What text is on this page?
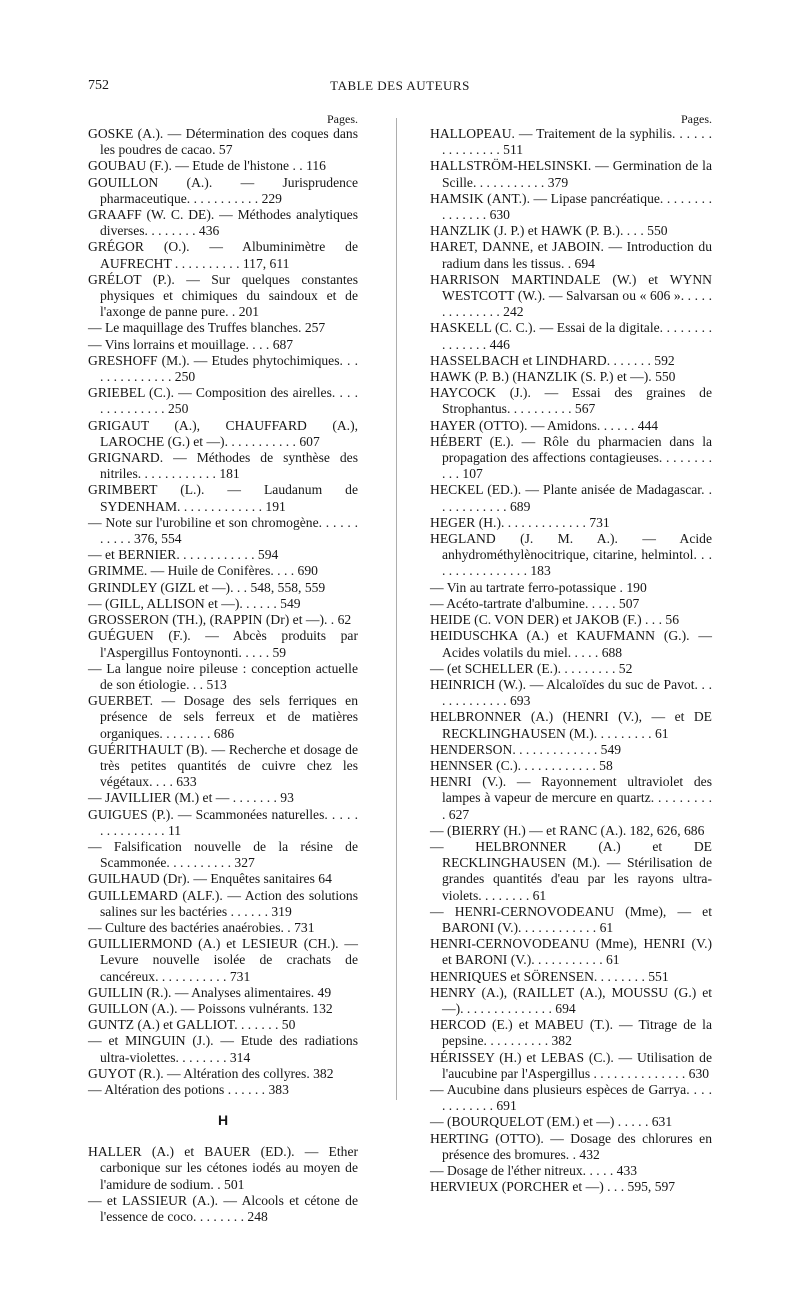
752	TABLE DES AUTEURS
Pages.

GOSKE (A.). — Détermination des coques dans les poudres de cacao. 57

GOUBAU (F.). — Etude de l'histone . . 116

GOUILLON (A.). — Jurisprudence pharmaceutique. . . . . . . . . . . 229

GRAAFF (W. C. DE). — Méthodes analytiques diverses. . . . . . . . 436

GRÉGOR (O.). — Albuminimètre de AUFRECHT . . . . . . . . . . 117, 611

GRÉLOT (P.). — Sur quelques constantes physiques et chimiques du saindoux et de l'axonge de panne pure. . 201

— Le maquillage des Truffes blanches. 257

— Vins lorrains et mouillage. . . . 687

GRESHOFF (M.). — Etudes phytochimiques. . . . . . . . . . . . . . 250

GRIEBEL (C.). — Composition des airelles. . . . . . . . . . . . . . 250

GRIGAUT (A.), CHAUFFARD (A.), LAROCHE (G.) et —). . . . . . . . . . . 607

GRIGNARD. — Méthodes de synthèse des nitriles. . . . . . . . . . . . 181

GRIMBERT (L.). — Laudanum de SYDENHAM. . . . . . . . . . . . . 191

— Note sur l'urobiline et son chromogène. . . . . . . . . . . 376, 554

— et BERNIER. . . . . . . . . . . . 594

GRIMME. — Huile de Conifères. . . . 690

GRINDLEY (GIZL et —). . . 548, 558, 559

— (GILL, ALLISON et —). . . . . . 549

GROSSERON (TH.), (RAPPIN (Dr) et —). . 62

GUÉGUEN (F.). — Abcès produits par l'Aspergillus Fontoynonti. . . . . 59

— La langue noire pileuse : conception actuelle de son étiologie. . . 513

GUERBET. — Dosage des sels ferriques en présence de sels ferreux et de matières organiques. . . . . . . . 686

GUÉRITHAULT (B). — Recherche et dosage de très petites quantités de cuivre chez les végétaux. . . . 633

— JAVILLIER (M.) et — . . . . . . . 93

GUIGUES (P.). — Scammonées naturelles. . . . . . . . . . . . . . . 11

— Falsification nouvelle de la résine de Scammonée. . . . . . . . . . 327

GUILHAUD (Dr). — Enquêtes sanitaires 64

GUILLEMARD (ALF.). — Action des solutions salines sur les bactéries . . . . . . 319

— Culture des bactéries anaérobies. . 731

GUILLIERMOND (A.) et LESIEUR (CH.). — Levure nouvelle isolée de crachats de cancéreux. . . . . . . . . . . 731

GUILLIN (R.). — Analyses alimentaires. 49

GUILLON (A.). — Poissons vulnérants. 132

GUNTZ (A.) et GALLIOT. . . . . . . 50

— et MINGUIN (J.). — Etude des radiations ultra-violettes. . . . . . . . 314

GUYOT (R.). — Altération des collyres. 382

— Altération des potions . . . . . . 383

H

HALLER (A.) et BAUER (ED.). — Ether carbonique sur les cétones iodés au moyen de l'amidure de sodium. . 501

— et LASSIEUR (A.). — Alcools et cétone de l'essence de coco. . . . . . . . 248

Pages.

HALLOPEAU. — Traitement de la syphilis. . . . . . . . . . . . . . . 511

HALLSTRÖM-HELSINSKI. — Germination de la Scille. . . . . . . . . . . 379

HAMSIK (ANT.). — Lipase pancréatique. . . . . . . . . . . . . . . 630

HANZLIK (J. P.) et HAWK (P. B.). . . . 550

HARET, DANNE, et JABOIN. — Introduction du radium dans les tissus. . 694

HARRISON MARTINDALE (W.) et WYNN WESTCOTT (W.). — Salvarsan ou « 606 ». . . . . . . . . . . . . . 242

HASKELL (C. C.). — Essai de la digitale. . . . . . . . . . . . . . . 446

HASSELBACH et LINDHARD. . . . . . . 592

HAWK (P. B.) (HANZLIK (S. P.) et —). 550

HAYCOCK (J.). — Essai des graines de Strophantus. . . . . . . . . . 567

HAYER (OTTO). — Amidons. . . . . . 444

HÉBERT (E.). — Rôle du pharmacien dans la propagation des affections contagieuses. . . . . . . . . . . 107

HECKEL (ED.). — Plante anisée de Madagascar. . . . . . . . . . . . 689

HEGER (H.). . . . . . . . . . . . . 731

HEGLAND (J. M. A.). — Acide anhydrométhylènocitrique, citarine, helmintol. . . . . . . . . . . . . . . . 183

— Vin au tartrate ferro-potassique . 190

— Acéto-tartrate d'albumine. . . . . 507

HEIDE (C. VON DER) et JAKOB (F.) . . . 56

HEIDUSCHKA (A.) et KAUFMANN (G.). — Acides volatils du miel. . . . . 688

— (et SCHELLER (E.). . . . . . . . . 52

HEINRICH (W.). — Alcaloïdes du suc de Pavot. . . . . . . . . . . . . 693

HELBRONNER (A.) (HENRI (V.), — et DE RECKLINGHAUSEN (M.). . . . . . . . . 61

HENDERSON. . . . . . . . . . . . . 549

HENNSER (C.). . . . . . . . . . . . 58

HENRI (V.). — Rayonnement ultraviolet des lampes à vapeur de mercure en quartz. . . . . . . . . . 627

— (BIERRY (H.) — et RANC (A.). 182, 626, 686

— HELBRONNER (A.) et DE RECKLINGHAUSEN (M.). — Stérilisation de grandes quantités d'eau par les rayons ultra-violets. . . . . . . . 61

— HENRI-CERNOVODEANU (Mme), — et BARONI (V.). . . . . . . . . . . . 61

HENRI-CERNOVODEANU (Mme), HENRI (V.) et BARONI (V.). . . . . . . . . . . 61

HENRIQUES et SÖRENSEN. . . . . . . . 551

HENRY (A.), (RAILLET (A.), MOUSSU (G.) et —). . . . . . . . . . . . . . 694

HERCOD (E.) et MABEU (T.). — Titrage de la pepsine. . . . . . . . . . 382

HÉRISSEY (H.) et LEBAS (C.). — Utilisation de l'aucubine par l'Aspergillus . . . . . . . . . . . . . . 630

— Aucubine dans plusieurs espèces de Garrya. . . . . . . . . . . . 691

— (BOURQUELOT (EM.) et —) . . . . . 631

HERTING (OTTO). — Dosage des chlorures en présence des bromures. . 432

— Dosage de l'éther nitreux. . . . . 433

HERVIEUX (PORCHER et —) . . . 595, 597
